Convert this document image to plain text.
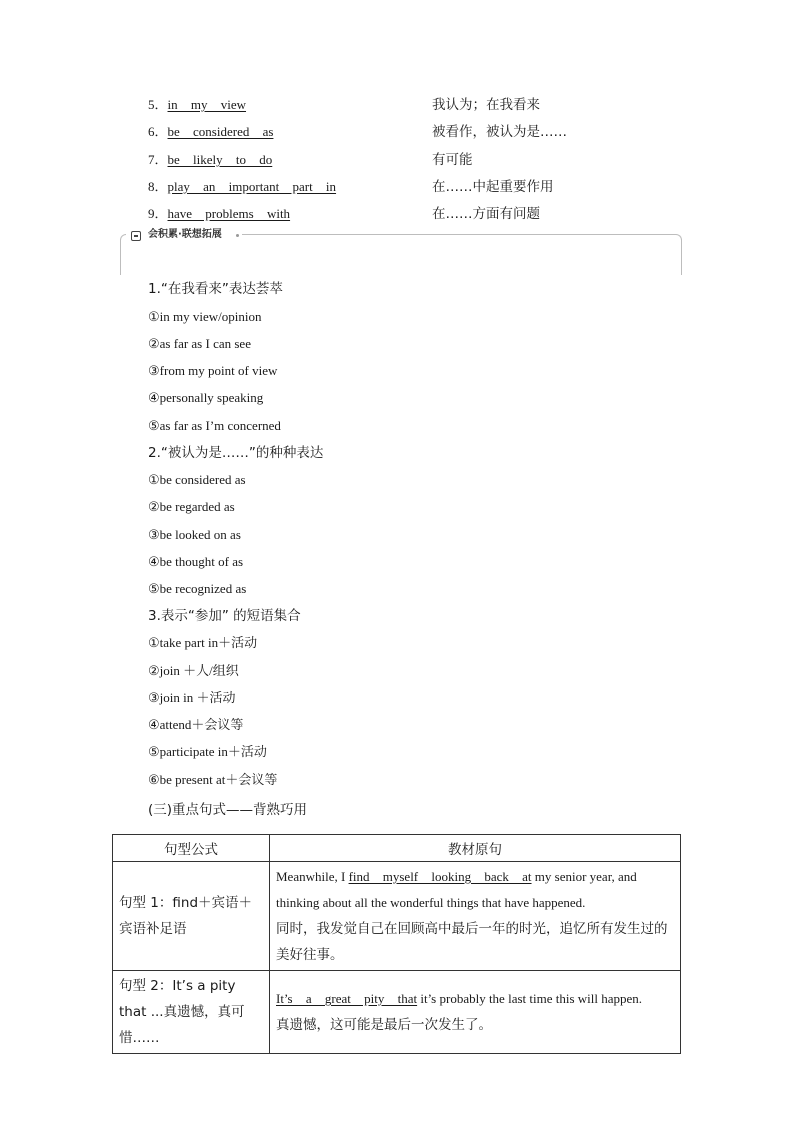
5．in my view	我认为；在我看来
6．be considered as	被看作，被认为是……
7．be likely to do	有可能
8．play an important part in	在……中起重要作用
9．have problems with	在……方面有问题
会积累·联想拓展
1.“在我看来”表达荟萃
①in my view/opinion
②as far as I can see
③from my point of view
④personally speaking
⑤as far as I’m concerned
2.“被认为是……”的种种表达
①be considered as
②be regarded as
③be looked on as
④be thought of as
⑤be recognized as
3.表示“参加” 的短语集合
①take part in＋活动
②join ＋人/组织
③join in ＋活动
④attend＋会议等
⑤participate in＋活动
⑥be present at＋会议等
(三)重点句式——背熟巧用
句型公式	教材原句
句型 1：find＋宾语＋宾语补足语	Meanwhile, I find myself looking back at my senior year, and thinking about all the wonderful things that have happened.
同时，我发觉自己在回顾高中最后一年的时光，追忆所有发生过的美好往事。

句型 2：It’s a pity that ...真遗憾，真可惜……	It’s a great pity that it’s probably the last time this will happen.
真遗憾，这可能是最后一次发生了。
